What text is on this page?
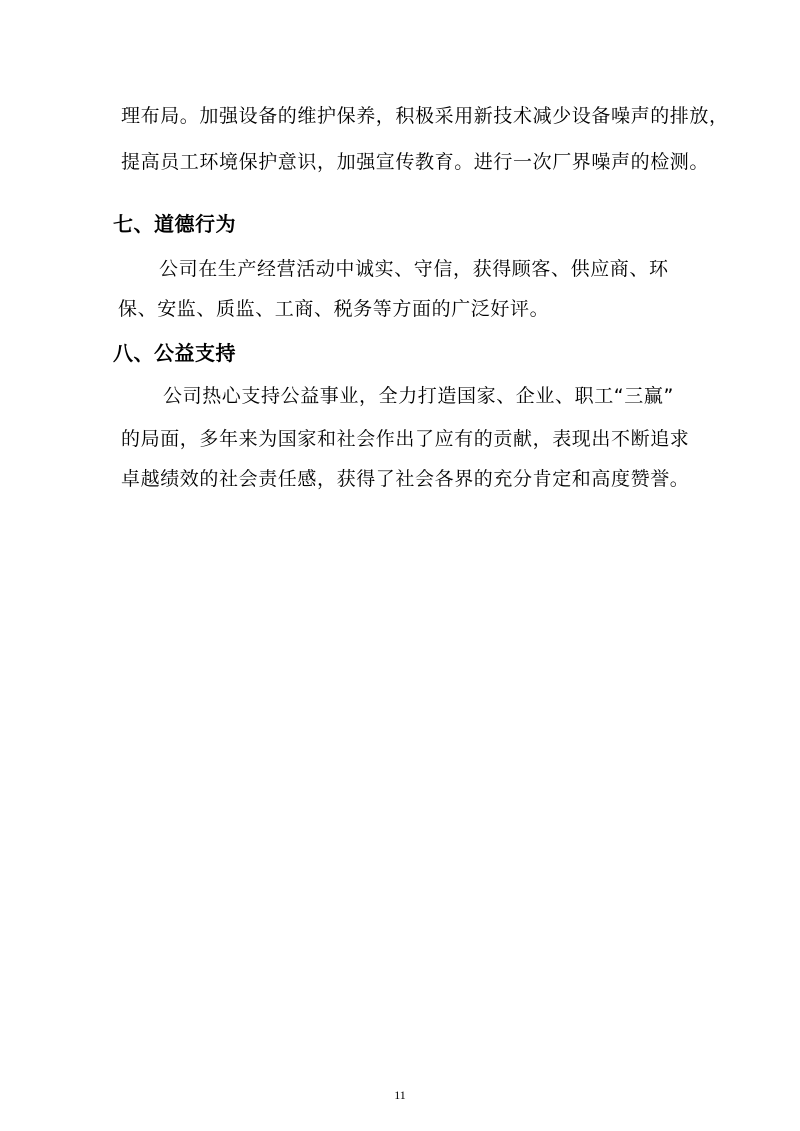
理布局。加强设备的维护保养，积极采用新技术减少设备噪声的排放，
提高员工环境保护意识，加强宣传教育。进行一次厂界噪声的检测。
七、道德行为
公司在生产经营活动中诚实、守信，获得顾客、供应商、环
保、安监、质监、工商、税务等方面的广泛好评。
八、公益支持
公司热心支持公益事业，全力打造国家、企业、职工“三赢”
的局面，多年来为国家和社会作出了应有的贡献，表现出不断追求
卓越绩效的社会责任感，获得了社会各界的充分肯定和高度赞誉。
11
